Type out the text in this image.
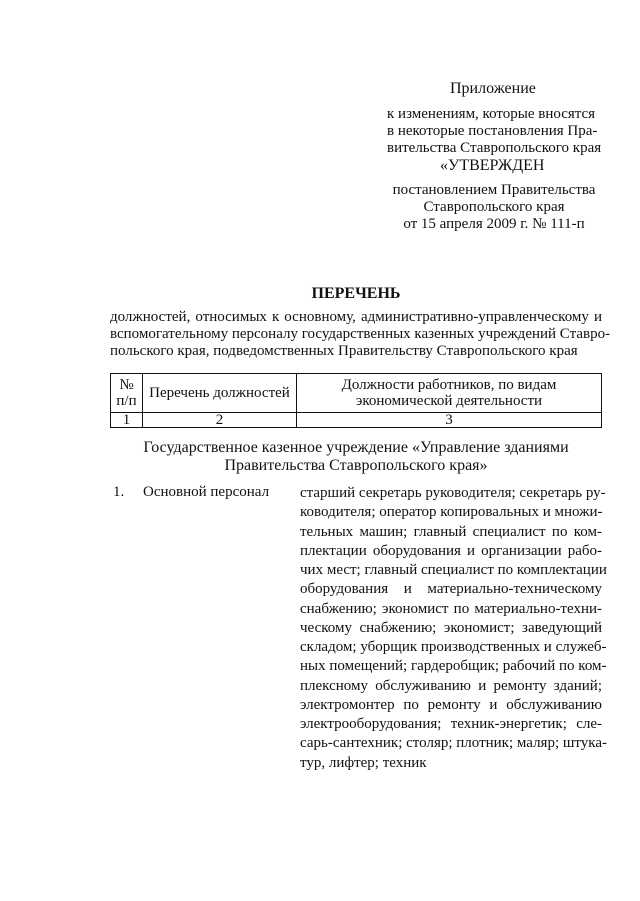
Приложение
к изменениям, которые вносятся
в некоторые постановления Пра-
вительства Ставропольского края
«УТВЕРЖДЕН
постановлением Правительства
Ставропольского края
от 15 апреля 2009 г. № 111-п
ПЕРЕЧЕНЬ
должностей, относимых к основному, административно-управленческому и
вспомогательному персоналу государственных казенных учреждений Ставро-
польского края, подведомственных Правительству Ставропольского края
№
п/п	Перечень должностей	Должности работников, по видам
экономической деятельности

1	2	3
Государственное казенное учреждение «Управление зданиями
Правительства Ставропольского края»
1.	Основной персонал	старший секретарь руководителя; секретарь ру-
ководителя; оператор копировальных и множи-
тельных машин; главный специалист по ком-
плектации оборудования и организации рабо-
чих мест; главный специалист по комплектации
оборудования и материально-техническому
снабжению; экономист по материально-техни-
ческому снабжению; экономист; заведующий
складом; уборщик производственных и служеб-
ных помещений; гардеробщик; рабочий по ком-
плексному обслуживанию и ремонту зданий;
электромонтер по ремонту и обслуживанию
электрооборудования; техник-энергетик; сле-
сарь-сантехник; столяр; плотник; маляр; штука-
тур, лифтер; техник
